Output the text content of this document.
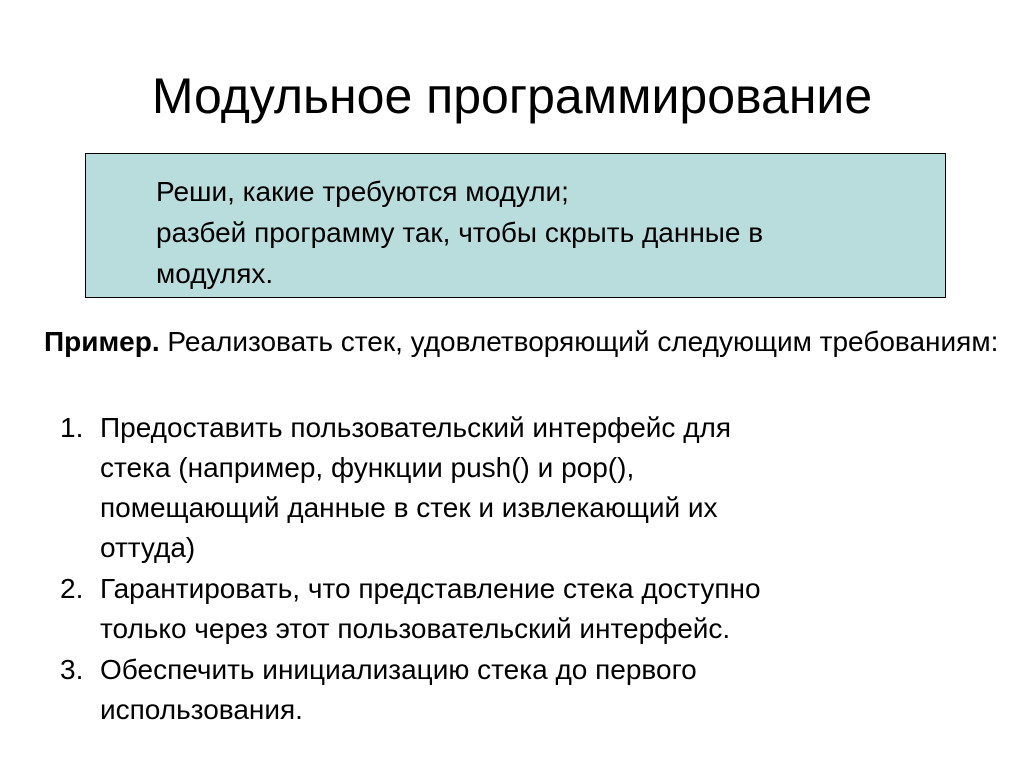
Модульное программирование
Реши, какие требуются модули;
разбей программу так, чтобы скрыть данные в
модулях.
Пример. Реализовать стек, удовлетворяющий следующим требованиям:
1. Предоставить пользовательский интерфейс для
стека (например, функции push() и pop(),
помещающий данные в стек и извлекающий их
оттуда)
2. Гарантировать, что представление стека доступно
только через этот пользовательский интерфейс.
3. Обеспечить инициализацию стека до первого
использования.
